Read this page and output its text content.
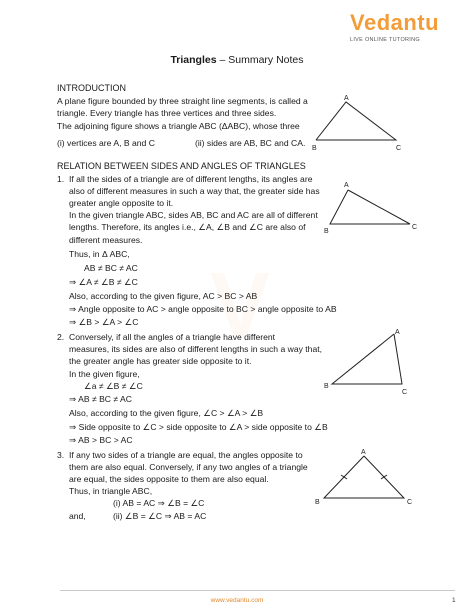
V
Vedantu
LIVE ONLINE TUTORING
Triangles – Summary Notes
INTRODUCTION
A plane figure bounded by three straight line segments, is called a
triangle. Every triangle has three vertices and three sides.
The adjoining figure shows a triangle ABC (ΔABC), whose three
(i) vertices are A, B and C	(ii) sides are AB, BC and CA.
A
B	C
RELATION BETWEEN SIDES AND ANGLES OF TRIANGLES
1. If all the sides of a triangle are of different lengths, its angles are
also of different measures in such a way that, the greater side has
greater angle opposite to it.
In the given triangle ABC, sides AB, BC and AC are all of different
lengths. Therefore, its angles i.e., ∠A, ∠B and ∠C are also of
different measures.
Thus, in Δ ABC,
AB ≠ BC ≠ AC
⇒ ∠A ≠ ∠B ≠ ∠C
Also, according to the given figure, AC > BC > AB
⇒ Angle opposite to AC > angle opposite to BC > angle opposite to AB
⇒ ∠B > ∠A > ∠C
A
B
C
2. Conversely, if all the angles of a triangle have different
measures, its sides are also of different lengths in such a way that,
the greater angle has greater side opposite to it.
In the given figure,
∠a ≠ ∠B ≠ ∠C
⇒ AB ≠ BC ≠ AC
Also, according to the given figure, ∠C > ∠A > ∠B
⇒ Side opposite to ∠C > side opposite to ∠A > side opposite to ∠B
⇒ AB > BC > AC
A
B
C
3. If any two sides of a triangle are equal, the angles opposite to
them are also equal. Conversely, if any two angles of a triangle
are equal, the sides opposite to them are also equal.
Thus, in triangle ABC,
(i) AB = AC ⇒ ∠B = ∠C
and,	(ii) ∠B = ∠C ⇒ AB = AC
A
B	C
www.vedantu.com	1
